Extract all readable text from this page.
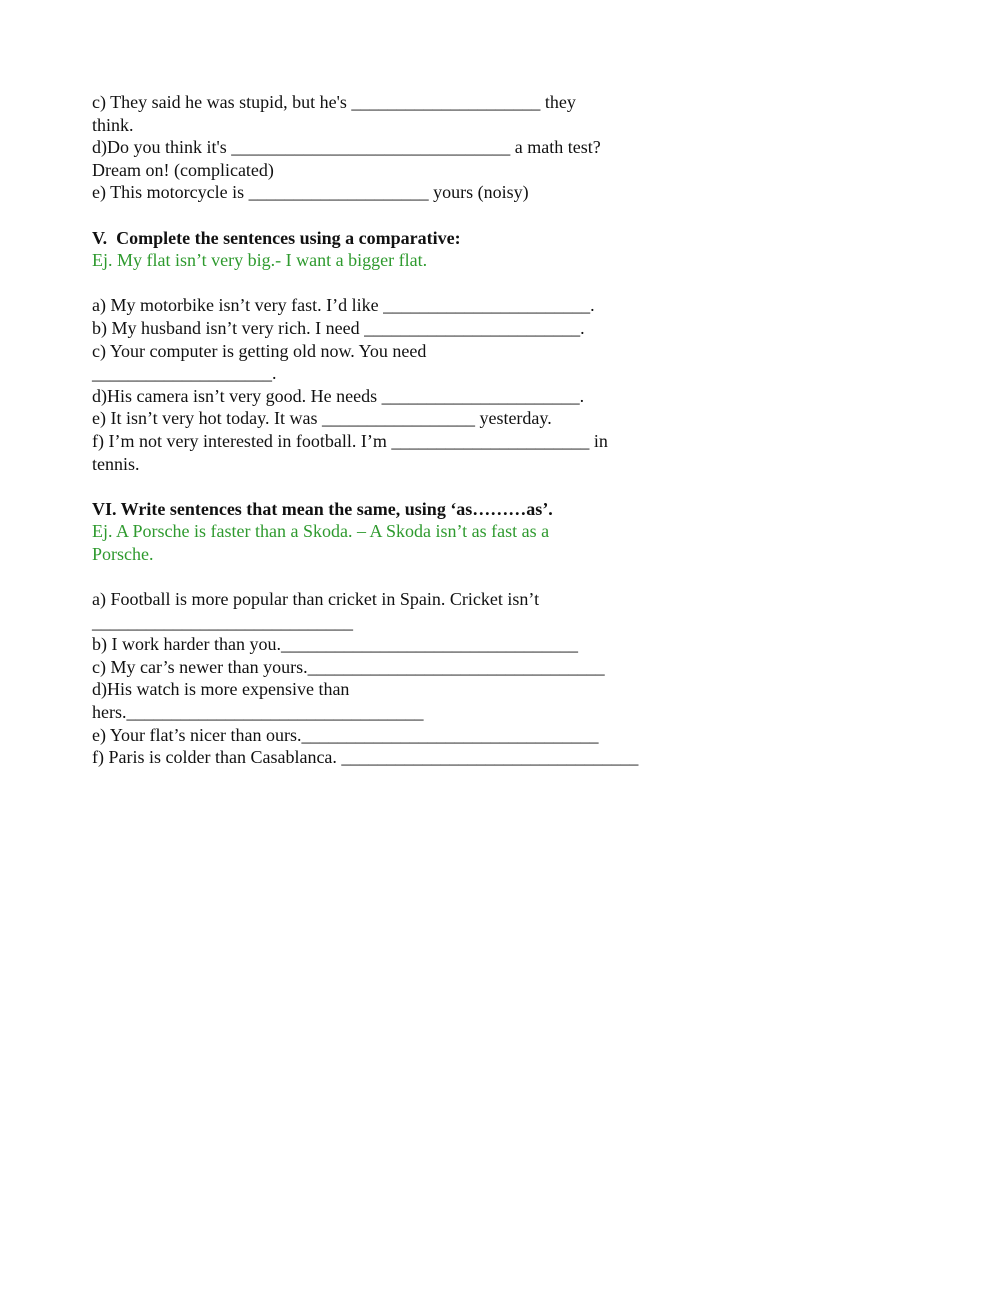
c) They said he was stupid, but he's _____________________ they
think.
d)Do you think it's _______________________________ a math test?
Dream on! (complicated)
e) This motorcycle is ____________________ yours (noisy)
V.  Complete the sentences using a comparative:
Ej. My flat isn’t very big.- I want a bigger flat.
a) My motorbike isn’t very fast. I’d like _______________________.
b) My husband isn’t very rich. I need ________________________.
c) Your computer is getting old now. You need
____________________.
d)His camera isn’t very good. He needs ______________________.
e) It isn’t very hot today. It was _________________ yesterday.
f) I’m not very interested in football. I’m ______________________ in
tennis.
VI. Write sentences that mean the same, using ‘as………as’.
Ej. A Porsche is faster than a Skoda. – A Skoda isn’t as fast as a
Porsche.
a) Football is more popular than cricket in Spain. Cricket isn’t
_____________________________
b) I work harder than you._________________________________
c) My car’s newer than yours._________________________________
d)His watch is more expensive than
hers._________________________________
e) Your flat’s nicer than ours._________________________________
f) Paris is colder than Casablanca. _________________________________
